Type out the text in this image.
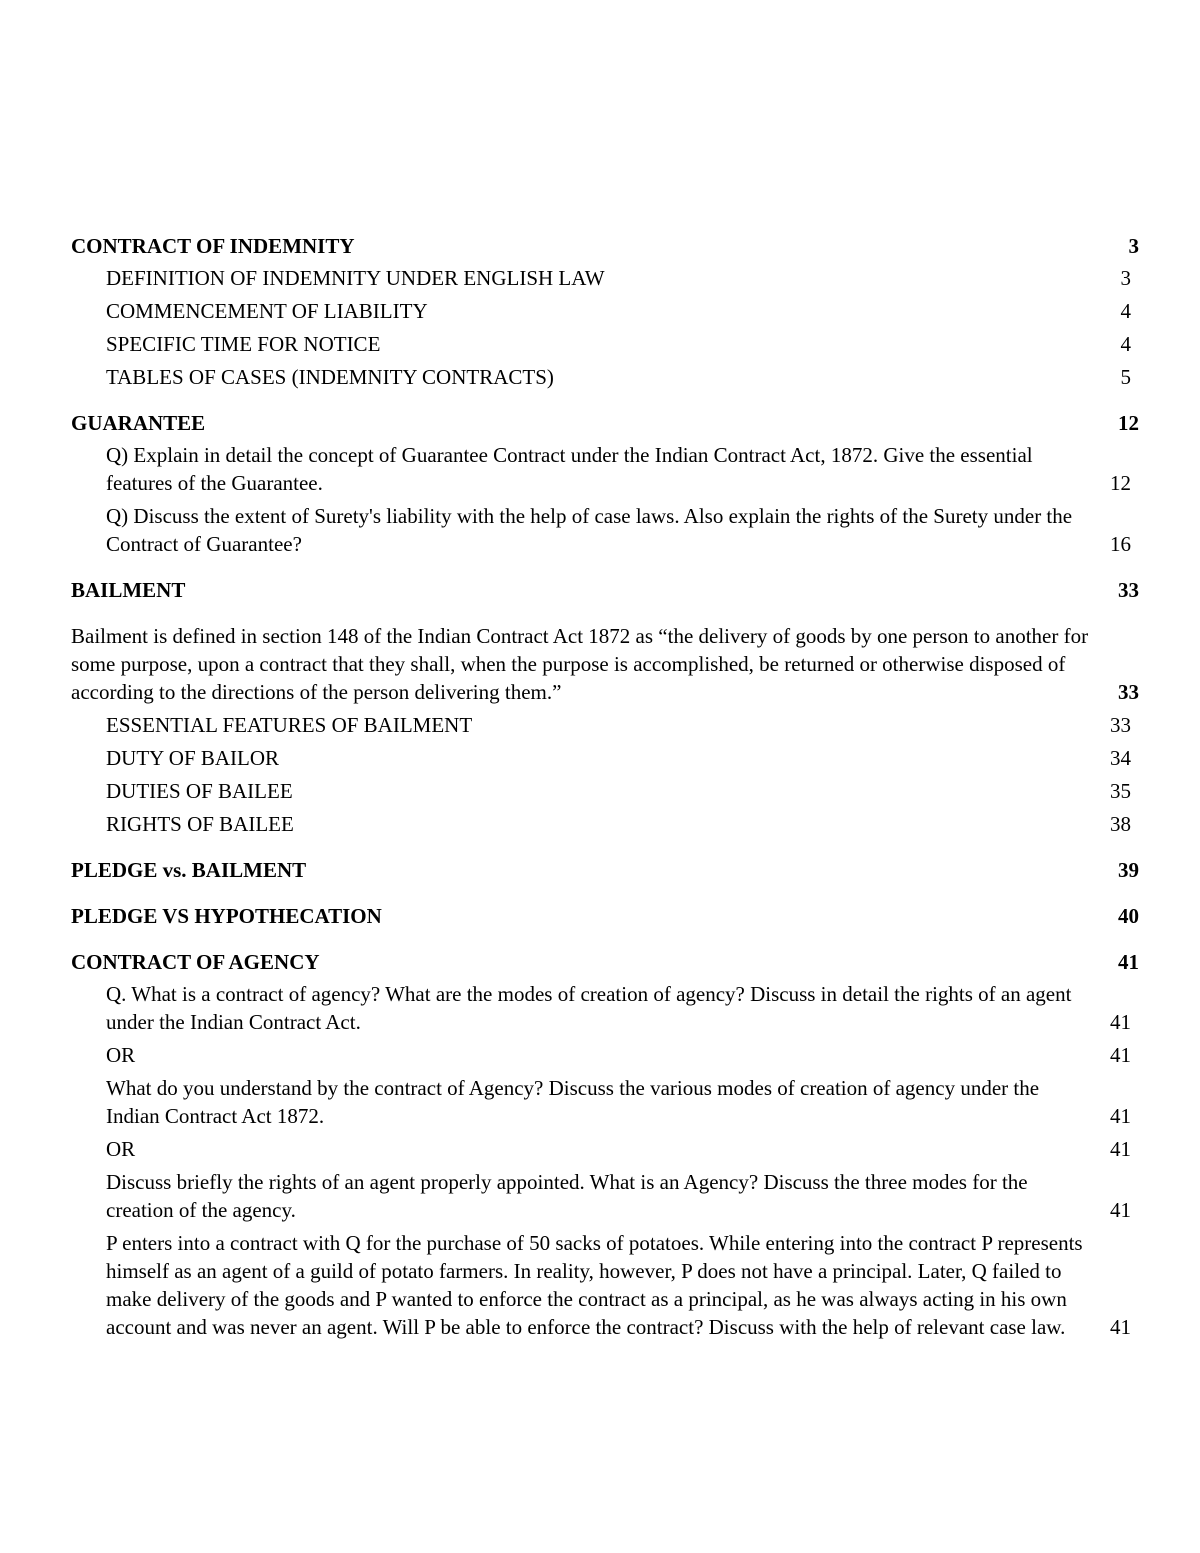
CONTRACT OF INDEMNITY	3
DEFINITION OF INDEMNITY UNDER ENGLISH LAW	3
COMMENCEMENT OF LIABILITY	4
SPECIFIC TIME FOR NOTICE	4
TABLES OF CASES (INDEMNITY CONTRACTS)	5
GUARANTEE	12
Q) Explain in detail the concept of Guarantee Contract under the Indian Contract Act, 1872. Give the essential features of the Guarantee.	12
Q) Discuss the extent of Surety's liability with the help of case laws. Also explain the rights of the Surety under the Contract of Guarantee?	16
BAILMENT	33
Bailment is defined in section 148 of the Indian Contract Act 1872 as “the delivery of goods by one person to another for some purpose, upon a contract that they shall, when the purpose is accomplished, be returned or otherwise disposed of according to the directions of the person delivering them.”	33
ESSENTIAL FEATURES OF BAILMENT	33
DUTY OF BAILOR	34
DUTIES OF BAILEE	35
RIGHTS OF BAILEE	38
PLEDGE vs. BAILMENT	39
PLEDGE VS HYPOTHECATION	40
CONTRACT OF AGENCY	41
Q. What is a contract of agency? What are the modes of creation of agency? Discuss in detail the rights of an agent under the Indian Contract Act.	41
OR	41
What do you understand by the contract of Agency? Discuss the various modes of creation of agency under the Indian Contract Act 1872.	41
OR	41
Discuss briefly the rights of an agent properly appointed. What is an Agency? Discuss the three modes for the creation of the agency.	41
P enters into a contract with Q for the purchase of 50 sacks of potatoes. While entering into the contract P represents himself as an agent of a guild of potato farmers. In reality, however, P does not have a principal. Later, Q failed to make delivery of the goods and P wanted to enforce the contract as a principal, as he was always acting in his own account and was never an agent. Will P be able to enforce the contract? Discuss with the help of relevant case law.	41
